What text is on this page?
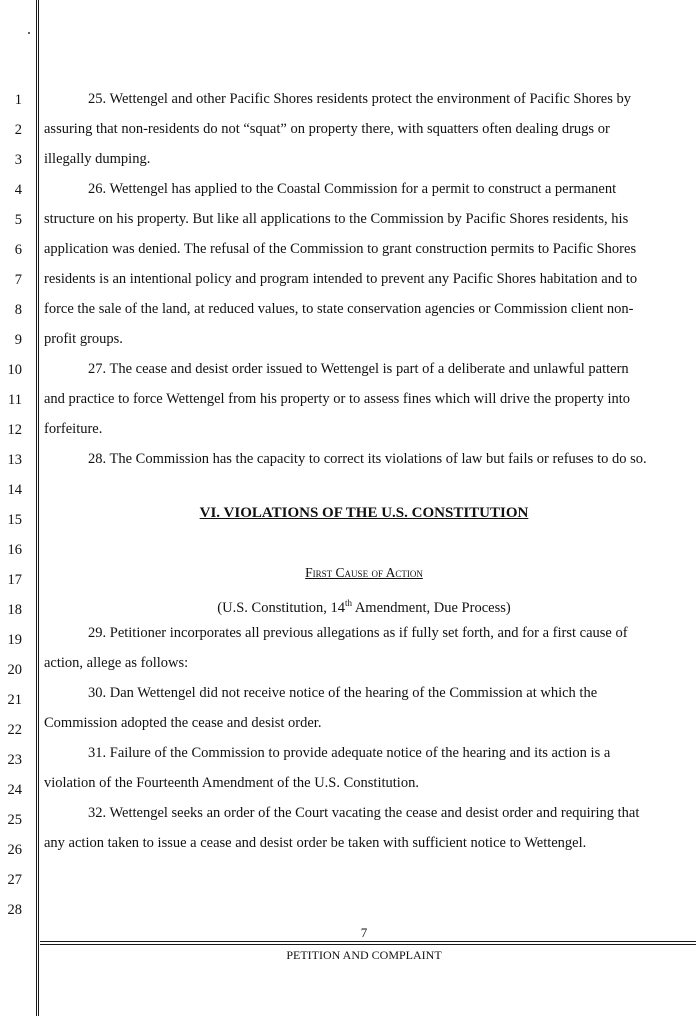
1
2
3
4
5
6
7
8
9
10
11
12
13
14
15
16
17
18
19
20
21
22
23
24
25
26
27
28
25. Wettengel and other Pacific Shores residents protect the environment of Pacific Shores by
assuring that non-residents do not “squat” on property there, with squatters often dealing drugs or
illegally dumping.
26. Wettengel has applied to the Coastal Commission for a permit to construct a permanent
structure on his property. But like all applications to the Commission by Pacific Shores residents, his
application was denied. The refusal of the Commission to grant construction permits to Pacific Shores
residents is an intentional policy and program intended to prevent any Pacific Shores habitation and to
force the sale of the land, at reduced values, to state conservation agencies or Commission client non-
profit groups.
27. The cease and desist order issued to Wettengel is part of a deliberate and unlawful pattern
and practice to force Wettengel from his property or to assess fines which will drive the property into
forfeiture.
28. The Commission has the capacity to correct its violations of law but fails or refuses to do so.
VI. VIOLATIONS OF THE U.S. CONSTITUTION
First Cause of Action
(U.S. Constitution, 14th Amendment, Due Process)
29. Petitioner incorporates all previous allegations as if fully set forth, and for a first cause of
action, allege as follows:
30. Dan Wettengel did not receive notice of the hearing of the Commission at which the
Commission adopted the cease and desist order.
31. Failure of the Commission to provide adequate notice of the hearing and its action is a
violation of the Fourteenth Amendment of the U.S. Constitution.
32. Wettengel seeks an order of the Court vacating the cease and desist order and requiring that
any action taken to issue a cease and desist order be taken with sufficient notice to Wettengel.
7
PETITION AND COMPLAINT
